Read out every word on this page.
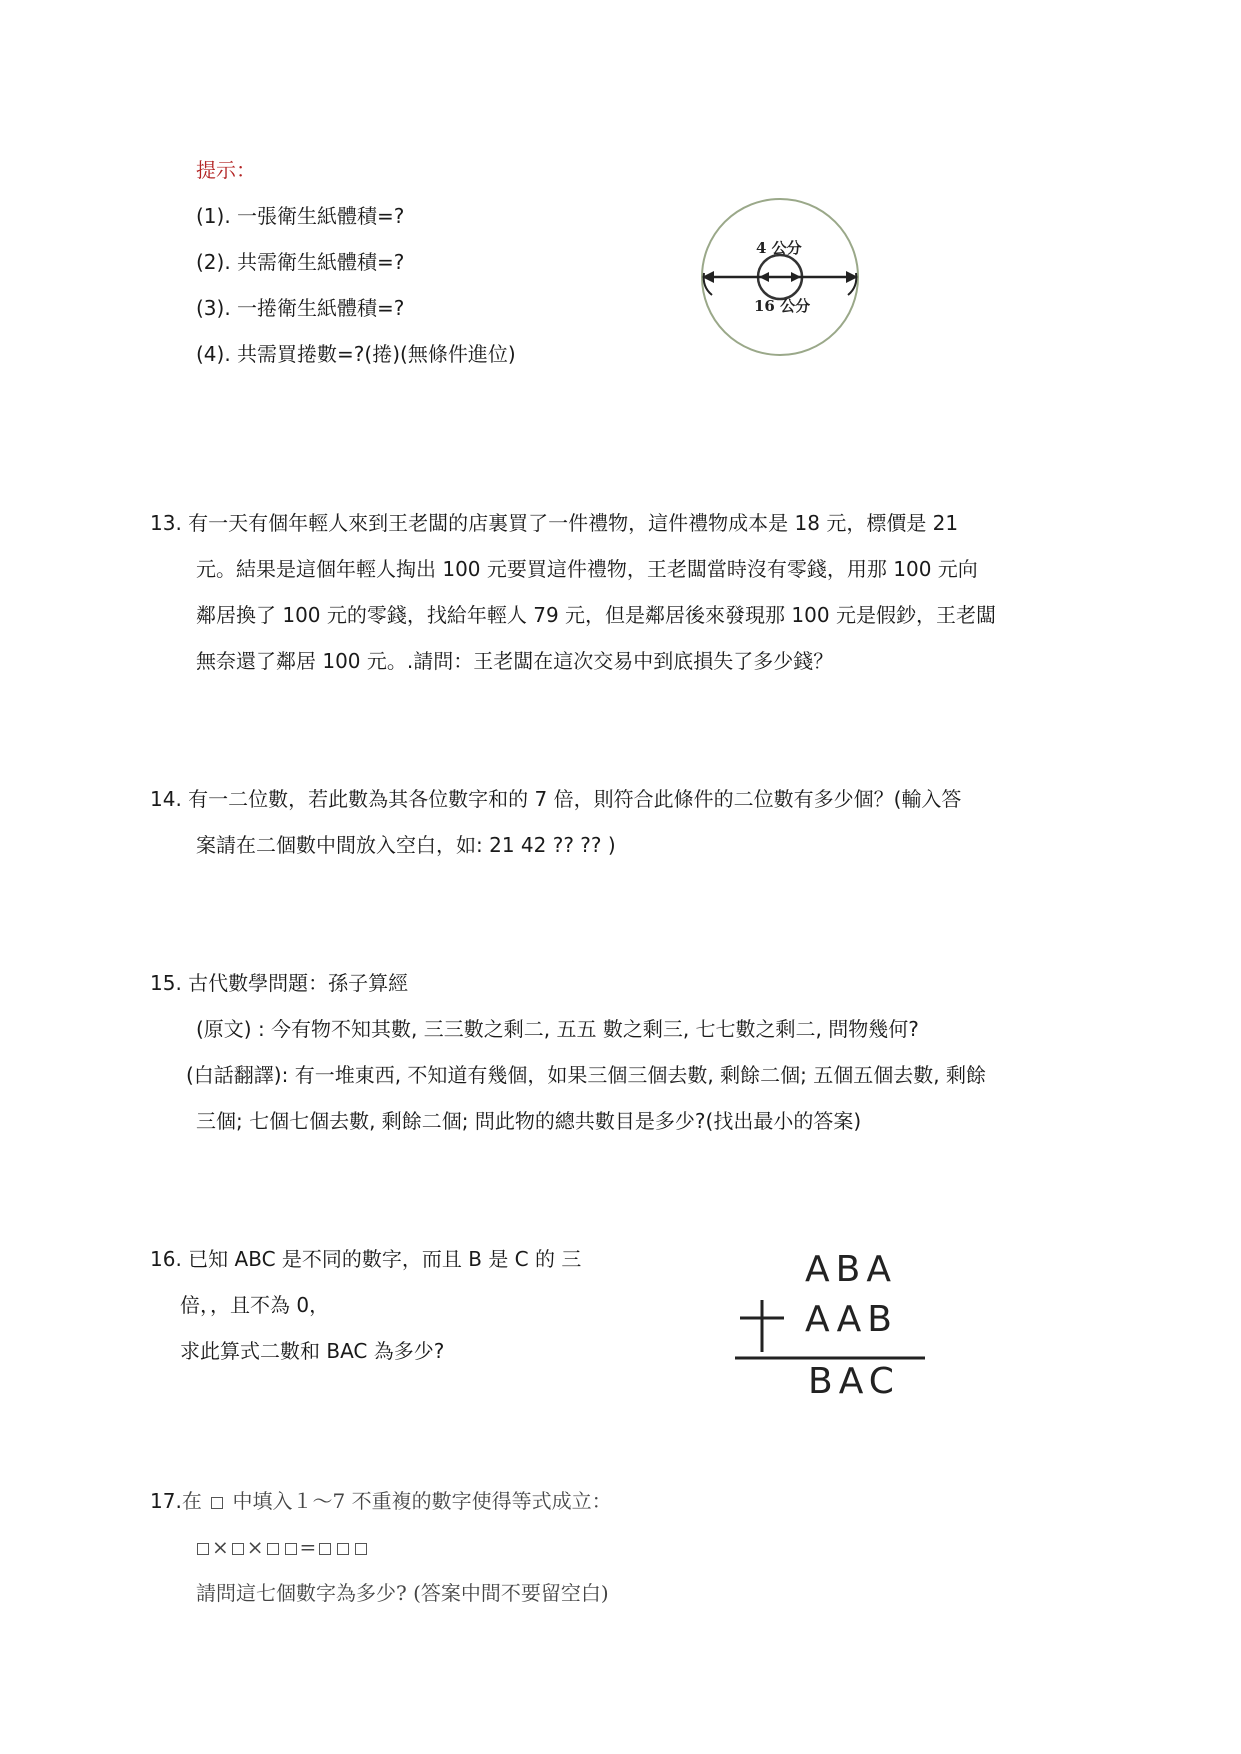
提示：
(1). 一張衛生紙體積=?
(2). 共需衛生紙體積=?
(3). 一捲衛生紙體積=?
(4). 共需買捲數=?(捲)(無條件進位)
4 公分
16 公分
13. 有一天有個年輕人來到王老闆的店裏買了一件禮物，這件禮物成本是 18 元，標價是 21
元。結果是這個年輕人掏出 100 元要買這件禮物，王老闆當時沒有零錢，用那 100 元向
鄰居換了 100 元的零錢，找給年輕人 79 元，但是鄰居後來發現那 100 元是假鈔，王老闆
無奈還了鄰居 100 元。.請問：王老闆在這次交易中到底損失了多少錢？
14. 有一二位數，若此數為其各位數字和的 7 倍，則符合此條件的二位數有多少個？(輸入答
案請在二個數中間放入空白，如: 21 42 ?? ?? )
15. 古代數學問題：孫子算經
(原文) : 今有物不知其數, 三三數之剩二, 五五 數之剩三, 七七數之剩二, 問物幾何?
(白話翻譯): 有一堆東西, 不知道有幾個，如果三個三個去數, 剩餘二個; 五個五個去數, 剩餘
三個; 七個七個去數, 剩餘二個; 問此物的總共數目是多少?(找出最小的答案)
16. 已知 ABC 是不同的數字，而且 B 是 C 的 三
倍，，且不為 0，
求此算式二數和 BAC 為多少?
ABA
AAB
BAC
17.在 中填入１～7 不重複的數字使得等式成立：
× × =
請問這七個數字為多少? (答案中間不要留空白)
